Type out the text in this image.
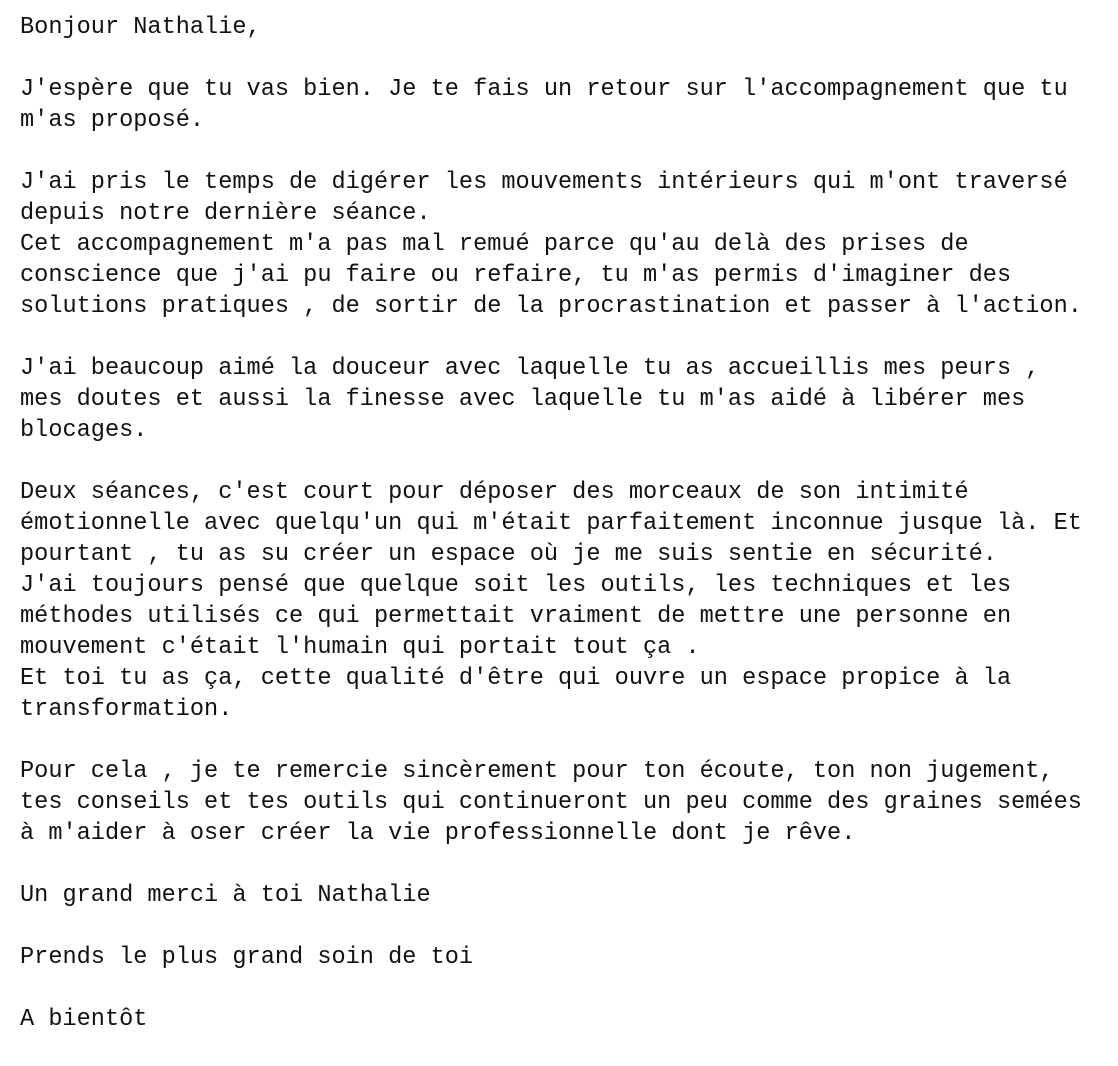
Bonjour Nathalie,
J'espère que tu vas bien. Je te fais un retour sur l'accompagnement que tu
m'as proposé.
J'ai pris le temps de digérer les mouvements intérieurs qui m'ont traversé
depuis notre dernière séance.
Cet accompagnement m'a pas mal remué parce qu'au delà des prises de
conscience que j'ai pu faire ou refaire, tu m'as permis d'imaginer des
solutions pratiques , de sortir de la procrastination et passer à l'action.
J'ai beaucoup aimé la douceur avec laquelle tu as accueillis mes peurs ,
mes doutes et aussi la finesse avec laquelle tu m'as aidé à libérer mes
blocages.
Deux séances, c'est court pour déposer des morceaux de son intimité
émotionnelle avec quelqu'un qui m'était parfaitement inconnue jusque là. Et
pourtant , tu as su créer un espace où je me suis sentie en sécurité.
J'ai toujours pensé que quelque soit les outils, les techniques et les
méthodes utilisés ce qui permettait vraiment de mettre une personne en
mouvement c'était l'humain qui portait tout ça .
Et toi tu as ça, cette qualité d'être qui ouvre un espace propice à la
transformation.
Pour cela , je te remercie sincèrement pour ton écoute, ton non jugement,
tes conseils et tes outils qui continueront un peu comme des graines semées
à m'aider à oser créer la vie professionnelle dont je rêve.
Un grand merci à toi Nathalie
Prends le plus grand soin de toi
A bientôt
